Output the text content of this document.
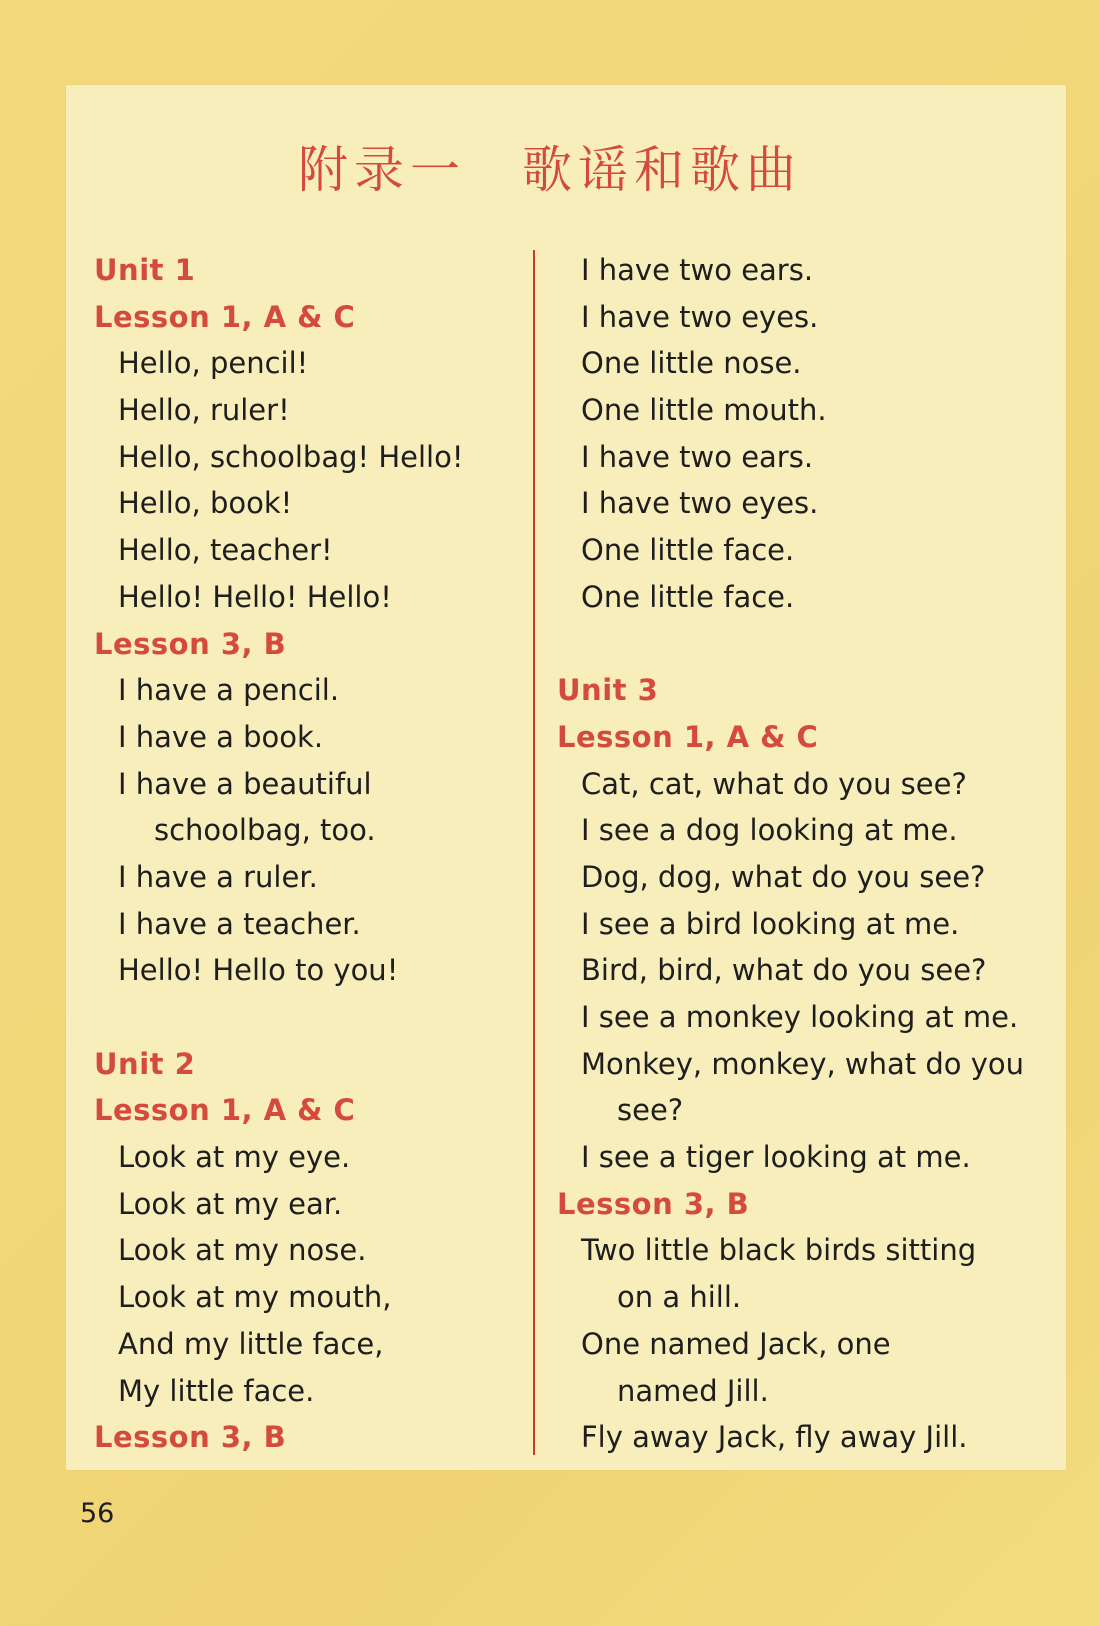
附录一　歌谣和歌曲
Unit 1
Lesson 1, A & C
Hello, pencil!
Hello, ruler!
Hello, schoolbag! Hello!
Hello, book!
Hello, teacher!
Hello! Hello! Hello!
Lesson 3, B
I have a pencil.
I have a book.
I have a beautiful
schoolbag, too.
I have a ruler.
I have a teacher.
Hello! Hello to you!
Unit 2
Lesson 1, A & C
Look at my eye.
Look at my ear.
Look at my nose.
Look at my mouth,
And my little face,
My little face.
Lesson 3, B
I have two ears.
I have two eyes.
One little nose.
One little mouth.
I have two ears.
I have two eyes.
One little face.
One little face.
Unit 3
Lesson 1, A & C
Cat, cat, what do you see?
I see a dog looking at me.
Dog, dog, what do you see?
I see a bird looking at me.
Bird, bird, what do you see?
I see a monkey looking at me.
Monkey, monkey, what do you
see?
I see a tiger looking at me.
Lesson 3, B
Two little black birds sitting
on a hill.
One named Jack, one
named Jill.
Fly away Jack, fly away Jill.

56
